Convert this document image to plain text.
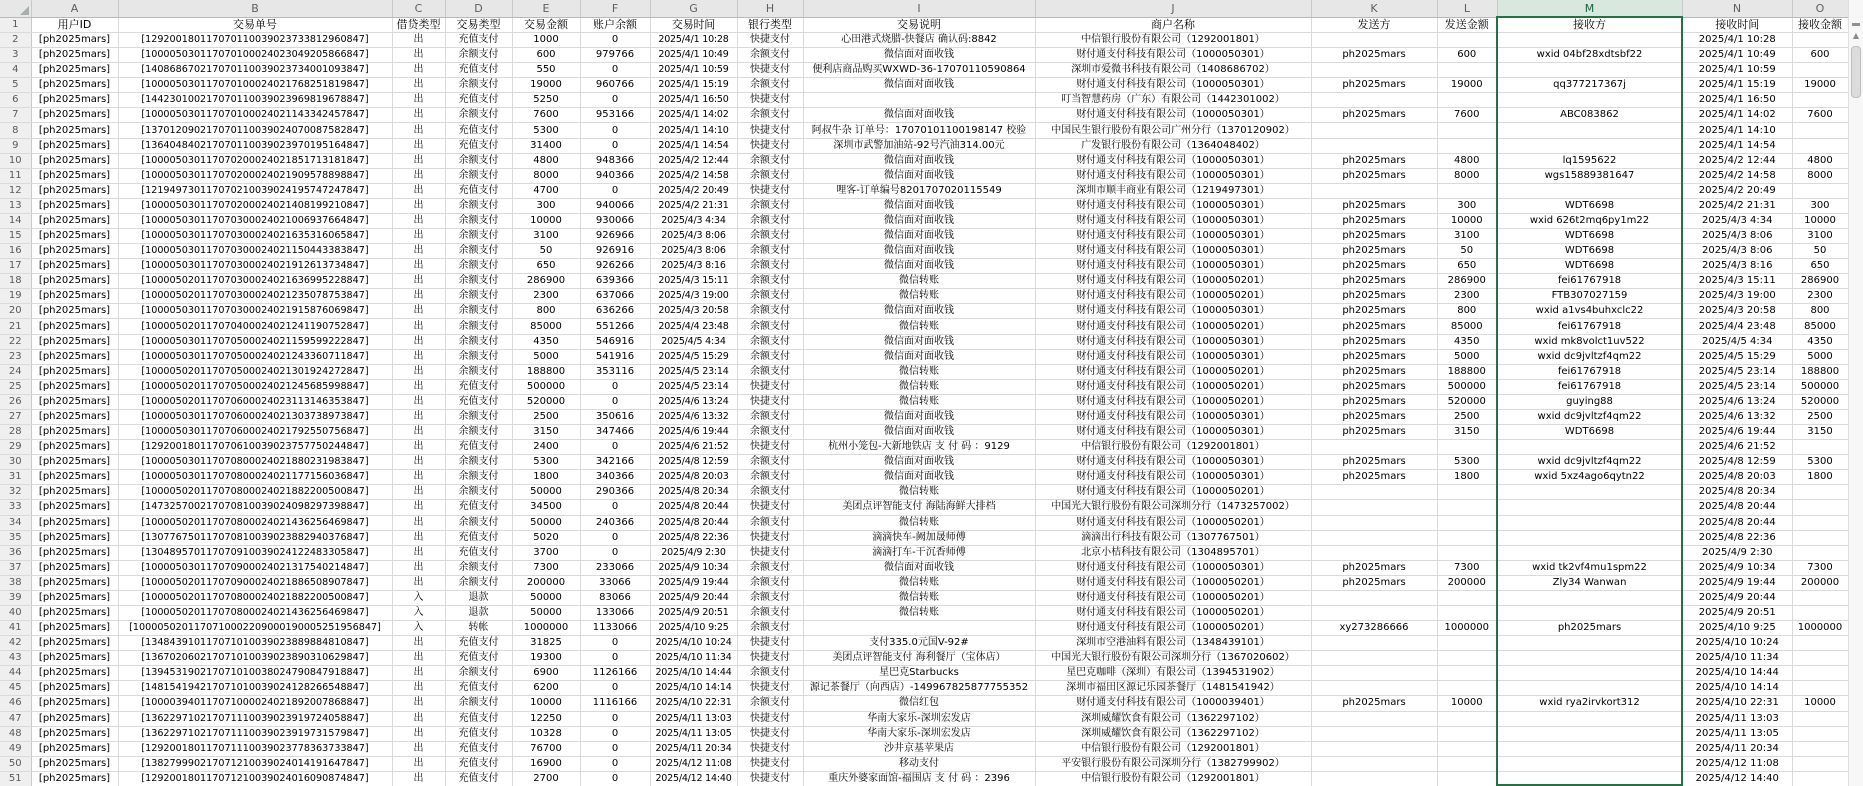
	A	B	C	D	E	F	G	H	I	J	K	L	M	N	O
1	用户ID	交易单号	借贷类型	交易类型	交易金额	账户余额	交易时间	银行类型	交易说明	商户名称	发送方	发送金额	接收方	接收时间	接收金额
2	[ph2025mars]	[129200180117070110039023733812960847]	出	充值支付	1000	0	2025/4/1 10:28	快捷支付	心田港式烧腊-快餐店 确认码:8842	中信银行股份有限公司（1292001801）				2025/4/1 10:28	
3	[ph2025mars]	[100005030117070100024023049205866847]	出	余额支付	600	979766	2025/4/1 10:49	余额支付	微信面对面收钱	财付通支付科技有限公司（1000050301）	ph2025mars	600	wxid 04bf28xdtsbf22	2025/4/1 10:49	600
4	[ph2025mars]	[140868670217070110039023734001093847]	出	充值支付	550	0	2025/4/1 10:59	快捷支付	便利店商品购买WXWD-36-17070110590864	深圳市爱微书科技有限公司（1408686702）				2025/4/1 10:59	
5	[ph2025mars]	[100005030117070100024021768251819847]	出	余额支付	19000	960766	2025/4/1 15:19	余额支付	微信面对面收钱	财付通支付科技有限公司（1000050301）	ph2025mars	19000	qq377217367j	2025/4/1 15:19	19000
6	[ph2025mars]	[144230100217070110039023969819678847]	出	充值支付	5250	0	2025/4/1 16:50	快捷支付		叮当智慧药房（广东）有限公司（1442301002）				2025/4/1 16:50	
7	[ph2025mars]	[100005030117070100024021143342457847]	出	余额支付	7600	953166	2025/4/1 14:02	余额支付	微信面对面收钱	财付通支付科技有限公司（1000050301）	ph2025mars	7600	ABC083862	2025/4/1 14:02	7600
8	[ph2025mars]	[137012090217070110039024070087582847]	出	充值支付	5300	0	2025/4/1 14:10	快捷支付	阿叔牛杂 订单号：17070101100198147 校验	中国民生银行股份有限公司广州分行（1370120902）				2025/4/1 14:10	
9	[ph2025mars]	[136404840217070110039023970195164847]	出	充值支付	31400	0	2025/4/1 14:54	快捷支付	深圳市武警加油站-92号汽油314.00元	广发银行股份有限公司（1364048402）				2025/4/1 14:54	
10	[ph2025mars]	[100005030117070200024021851713181847]	出	余额支付	4800	948366	2025/4/2 12:44	余额支付	微信面对面收钱	财付通支付科技有限公司（1000050301）	ph2025mars	4800	lq1595622	2025/4/2 12:44	4800
11	[ph2025mars]	[100005030117070200024021909578898847]	出	余额支付	8000	940366	2025/4/2 14:58	余额支付	微信面对面收钱	财付通支付科技有限公司（1000050301）	ph2025mars	8000	wgs15889381647	2025/4/2 14:58	8000
12	[ph2025mars]	[121949730117070210039024195747247847]	出	充值支付	4700	0	2025/4/2 20:49	快捷支付	哩客-订单编号8201707020115549	深圳市顺丰商业有限公司（1219497301）				2025/4/2 20:49	
13	[ph2025mars]	[100005030117070200024021408199210847]	出	余额支付	300	940066	2025/4/2 21:31	余额支付	微信面对面收钱	财付通支付科技有限公司（1000050301）	ph2025mars	300	WDT6698	2025/4/2 21:31	300
14	[ph2025mars]	[100005030117070300024021006937664847]	出	余额支付	10000	930066	2025/4/3 4:34	余额支付	微信面对面收钱	财付通支付科技有限公司（1000050301）	ph2025mars	10000	wxid 626t2mq6py1m22	2025/4/3 4:34	10000
15	[ph2025mars]	[100005030117070300024021635316065847]	出	余额支付	3100	926966	2025/4/3 8:06	余额支付	微信面对面收钱	财付通支付科技有限公司（1000050301）	ph2025mars	3100	WDT6698	2025/4/3 8:06	3100
16	[ph2025mars]	[100005030117070300024021150443383847]	出	余额支付	50	926916	2025/4/3 8:06	余额支付	微信面对面收钱	财付通支付科技有限公司（1000050301）	ph2025mars	50	WDT6698	2025/4/3 8:06	50
17	[ph2025mars]	[100005030117070300024021912613734847]	出	余额支付	650	926266	2025/4/3 8:16	余额支付	微信面对面收钱	财付通支付科技有限公司（1000050301）	ph2025mars	650	WDT6698	2025/4/3 8:16	650
18	[ph2025mars]	[100005020117070300024021636995228847]	出	余额支付	286900	639366	2025/4/3 15:11	余额支付	微信转账	财付通支付科技有限公司（1000050201）	ph2025mars	286900	fei61767918	2025/4/3 15:11	286900
19	[ph2025mars]	[100005020117070300024021235078753847]	出	余额支付	2300	637066	2025/4/3 19:00	余额支付	微信转账	财付通支付科技有限公司（1000050201）	ph2025mars	2300	FTB307027159	2025/4/3 19:00	2300
20	[ph2025mars]	[100005030117070300024021915876069847]	出	余额支付	800	636266	2025/4/3 20:58	余额支付	微信面对面收钱	财付通支付科技有限公司（1000050301）	ph2025mars	800	wxid a1vs4buhxclc22	2025/4/3 20:58	800
21	[ph2025mars]	[100005020117070400024021241190752847]	出	余额支付	85000	551266	2025/4/4 23:48	余额支付	微信转账	财付通支付科技有限公司（1000050201）	ph2025mars	85000	fei61767918	2025/4/4 23:48	85000
22	[ph2025mars]	[100005030117070500024021159599222847]	出	余额支付	4350	546916	2025/4/5 4:34	余额支付	微信面对面收钱	财付通支付科技有限公司（1000050301）	ph2025mars	4350	wxid mk8volct1uv522	2025/4/5 4:34	4350
23	[ph2025mars]	[100005030117070500024021243360711847]	出	余额支付	5000	541916	2025/4/5 15:29	余额支付	微信面对面收钱	财付通支付科技有限公司（1000050301）	ph2025mars	5000	wxid dc9jvltzf4qm22	2025/4/5 15:29	5000
24	[ph2025mars]	[100005020117070500024021301924272847]	出	余额支付	188800	353116	2025/4/5 23:14	余额支付	微信转账	财付通支付科技有限公司（1000050201）	ph2025mars	188800	fei61767918	2025/4/5 23:14	188800
25	[ph2025mars]	[100005020117070500024021245685998847]	出	充值支付	500000	0	2025/4/5 23:14	快捷支付	微信转账	财付通支付科技有限公司（1000050201）	ph2025mars	500000	fei61767918	2025/4/5 23:14	500000
26	[ph2025mars]	[100005020117070600024023113146353847]	出	充值支付	520000	0	2025/4/6 13:24	快捷支付	微信转账	财付通支付科技有限公司（1000050201）	ph2025mars	520000	guying88	2025/4/6 13:24	520000
27	[ph2025mars]	[100005030117070600024021303738973847]	出	余额支付	2500	350616	2025/4/6 13:32	余额支付	微信面对面收钱	财付通支付科技有限公司（1000050301）	ph2025mars	2500	wxid dc9jvltzf4qm22	2025/4/6 13:32	2500
28	[ph2025mars]	[100005030117070600024021792550756847]	出	余额支付	3150	347466	2025/4/6 19:44	余额支付	微信面对面收钱	财付通支付科技有限公司（1000050301）	ph2025mars	3150	WDT6698	2025/4/6 19:44	3150
29	[ph2025mars]	[129200180117070610039023757750244847]	出	充值支付	2400	0	2025/4/6 21:52	快捷支付	杭州小笼包-大新地铁店 支 付 码 ：9129	中信银行股份有限公司（1292001801）				2025/4/6 21:52	
30	[ph2025mars]	[100005030117070800024021880231983847]	出	余额支付	5300	342166	2025/4/8 12:59	余额支付	微信面对面收钱	财付通支付科技有限公司（1000050301）	ph2025mars	5300	wxid dc9jvltzf4qm22	2025/4/8 12:59	5300
31	[ph2025mars]	[100005030117070800024021177156036847]	出	余额支付	1800	340366	2025/4/8 20:03	余额支付	微信面对面收钱	财付通支付科技有限公司（1000050301）	ph2025mars	1800	wxid 5xz4ago6qytn22	2025/4/8 20:03	1800
32	[ph2025mars]	[100005020117070800024021882200500847]	出	余额支付	50000	290366	2025/4/8 20:34	余额支付	微信转账	财付通支付科技有限公司（1000050201）				2025/4/8 20:34	
33	[ph2025mars]	[147325700217070810039024098297398847]	出	充值支付	34500	0	2025/4/8 20:44	快捷支付	美团点评智能支付 海陆海鲜大排档	中国光大银行股份有限公司深圳分行（1473257002）				2025/4/8 20:44	
34	[ph2025mars]	[100005020117070800024021436256469847]	出	余额支付	50000	240366	2025/4/8 20:44	余额支付	微信转账	财付通支付科技有限公司（1000050201）				2025/4/8 20:44	
35	[ph2025mars]	[130776750117070810039023882940376847]	出	充值支付	5020	0	2025/4/8 22:36	快捷支付	滴滴快车-阙加晟师傅	滴滴出行科技有限公司（1307767501）				2025/4/8 22:36	
36	[ph2025mars]	[130489570117070910039024122483305847]	出	充值支付	3700	0	2025/4/9 2:30	快捷支付	滴滴打车-干沉香师傅	北京小桔科技有限公司（1304895701）				2025/4/9 2:30	
37	[ph2025mars]	[100005030117070900024021317540214847]	出	余额支付	7300	233066	2025/4/9 10:34	余额支付	微信面对面收钱	财付通支付科技有限公司（1000050301）	ph2025mars	7300	wxid tk2vf4mu1spm22	2025/4/9 10:34	7300
38	[ph2025mars]	[100005020117070900024021886508907847]	出	余额支付	200000	33066	2025/4/9 19:44	余额支付	微信转账	财付通支付科技有限公司（1000050201）	ph2025mars	200000	Zly34 Wanwan	2025/4/9 19:44	200000
39	[ph2025mars]	[100005020117070800024021882200500847]	入	退款	50000	83066	2025/4/9 20:44	余额支付	微信转账	财付通支付科技有限公司（1000050201）				2025/4/9 20:44	
40	[ph2025mars]	[100005020117070800024021436256469847]	入	退款	50000	133066	2025/4/9 20:51	余额支付	微信转账	财付通支付科技有限公司（1000050201）				2025/4/9 20:51	
41	[ph2025mars]	[1000050201170710002209000190005251956847]	入	转帐	1000000	1133066	2025/4/10 9:25	余额支付		财付通支付科技有限公司（1000050201）	xy273286666	1000000	ph2025mars	2025/4/10 9:25	1000000
42	[ph2025mars]	[134843910117071010039023889884810847]	出	充值支付	31825	0	2025/4/10 10:24	快捷支付	支付335.0元国V-92#	深圳市空港油料有限公司（1348439101）				2025/4/10 10:24	
43	[ph2025mars]	[136702060217071010039023890310629847]	出	充值支付	19300	0	2025/4/10 11:34	快捷支付	美团点评智能支付 海利餐厅（宝体店）	中国光大银行股份有限公司深圳分行（1367020602）				2025/4/10 11:34	
44	[ph2025mars]	[139453190217071010038024790847918847]	出	余额支付	6900	1126166	2025/4/10 14:44	余额支付	星巴克Starbucks	星巴克咖啡（深圳）有限公司（1394531902）				2025/4/10 14:44	
45	[ph2025mars]	[148154194217071010039024128266548847]	出	充值支付	6200	0	2025/4/10 14:14	快捷支付	源记茶餐厅（向西店）-149967825877755352	深圳市福田区源记乐园茶餐厅（1481541942）				2025/4/10 14:14	
46	[ph2025mars]	[100003940117071000024021892007868847]	出	余额支付	10000	1116166	2025/4/10 22:31	余额支付	微信红包	财付通支付科技有限公司（1000039401）	ph2025mars	10000	wxid rya2irvkort312	2025/4/10 22:31	10000
47	[ph2025mars]	[136229710217071110039023919724058847]	出	充值支付	12250	0	2025/4/11 13:03	快捷支付	华南大家乐-深圳宏发店	深圳威耀饮食有限公司（1362297102）				2025/4/11 13:03	
48	[ph2025mars]	[136229710217071110039023919731579847]	出	充值支付	10328	0	2025/4/11 13:05	快捷支付	华南大家乐-深圳宏发店	深圳威耀饮食有限公司（1362297102）				2025/4/11 13:05	
49	[ph2025mars]	[129200180117071110039023778363733847]	出	充值支付	76700	0	2025/4/11 20:34	快捷支付	沙井京基苹果店	中信银行股份有限公司（1292001801）				2025/4/11 20:34	
50	[ph2025mars]	[138279990217071210039024014191647847]	出	充值支付	16900	0	2025/4/12 11:08	快捷支付	移动支付	平安银行股份有限公司深圳分行（1382799902）				2025/4/12 11:08	
51	[ph2025mars]	[129200180117071210039024016090874847]	出	充值支付	2700	0	2025/4/12 14:40	快捷支付	重庆外婆家面馆-福围店 支 付 码 ：2396	中信银行股份有限公司（1292001801）				2025/4/12 14:40	
▲
